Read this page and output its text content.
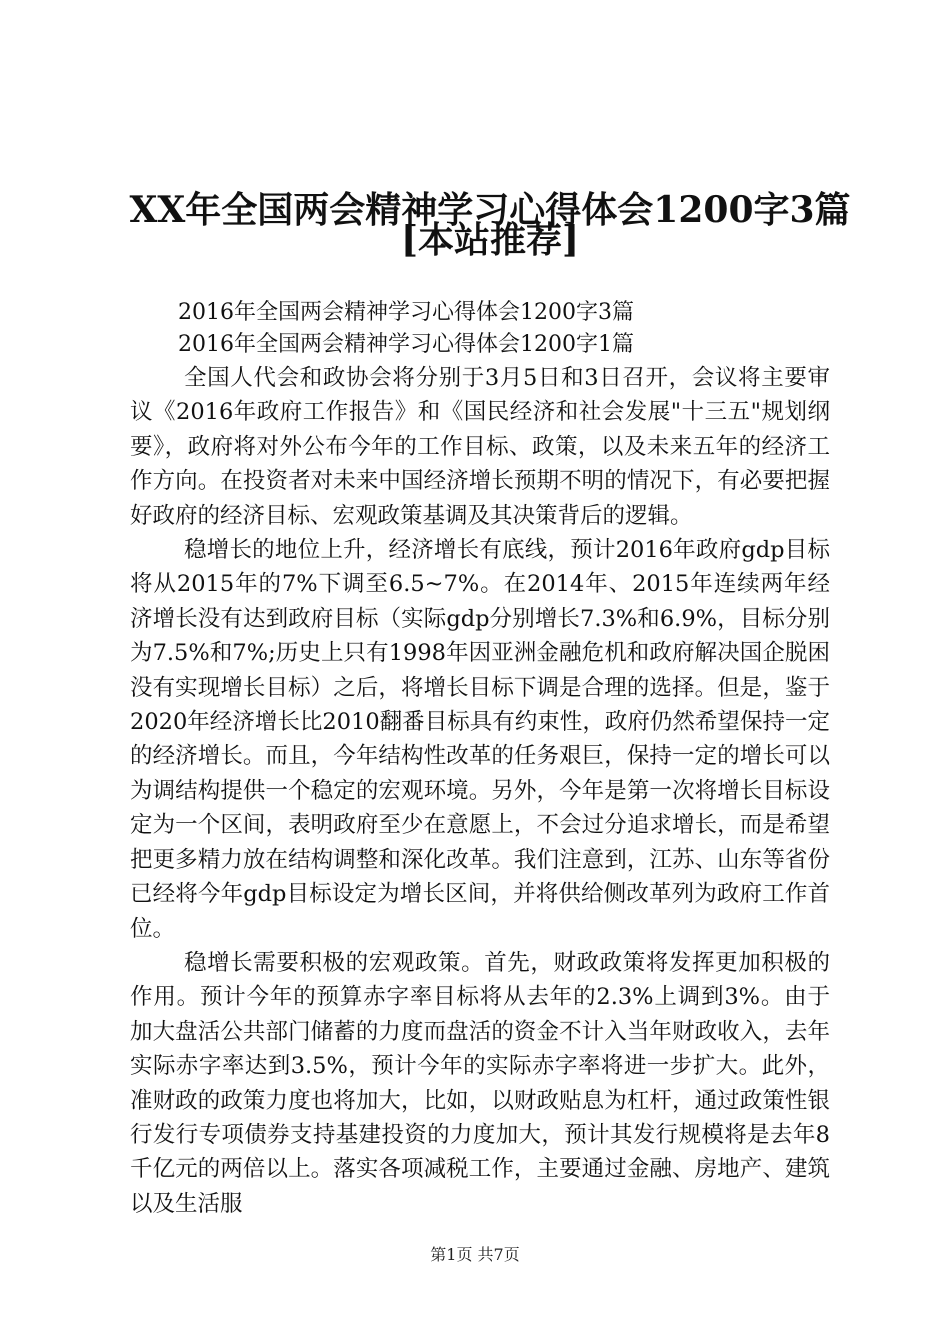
XX年全国两会精神学习心得体会1200字3篇
[本站推荐]
2016年全国两会精神学习心得体会1200字3篇
2016年全国两会精神学习心得体会1200字1篇

全国人代会和政协会将分别于3月5日和3日召开，会议将主要审议《2016年政府工作报告》和《国民经济和社会发展"十三五"规划纲要》，政府将对外公布今年的工作目标、政策，以及未来五年的经济工作方向。在投资者对未来中国经济增长预期不明的情况下，有必要把握好政府的经济目标、宏观政策基调及其决策背后的逻辑。

稳增长的地位上升，经济增长有底线，预计2016年政府gdp目标将从2015年的7%下调至6.5~7%。在2014年、2015年连续两年经济增长没有达到政府目标（实际gdp分别增长7.3%和6.9%，目标分别为7.5%和7%;历史上只有1998年因亚洲金融危机和政府解决国企脱困没有实现增长目标）之后，将增长目标下调是合理的选择。但是，鉴于2020年经济增长比2010翻番目标具有约束性，政府仍然希望保持一定的经济增长。而且，今年结构性改革的任务艰巨，保持一定的增长可以为调结构提供一个稳定的宏观环境。另外，今年是第一次将增长目标设定为一个区间，表明政府至少在意愿上，不会过分追求增长，而是希望把更多精力放在结构调整和深化改革。我们注意到，江苏、山东等省份已经将今年gdp目标设定为增长区间，并将供给侧改革列为政府工作首位。

稳增长需要积极的宏观政策。首先，财政政策将发挥更加积极的作用。预计今年的预算赤字率目标将从去年的2.3%上调到3%。由于加大盘活公共部门储蓄的力度而盘活的资金不计入当年财政收入，去年实际赤字率达到3.5%，预计今年的实际赤字率将进一步扩大。此外，准财政的政策力度也将加大，比如，以财政贴息为杠杆，通过政策性银行发行专项债券支持基建投资的力度加大，预计其发行规模将是去年8千亿元的两倍以上。落实各项减税工作，主要通过金融、房地产、建筑以及生活服

第1页 共7页
